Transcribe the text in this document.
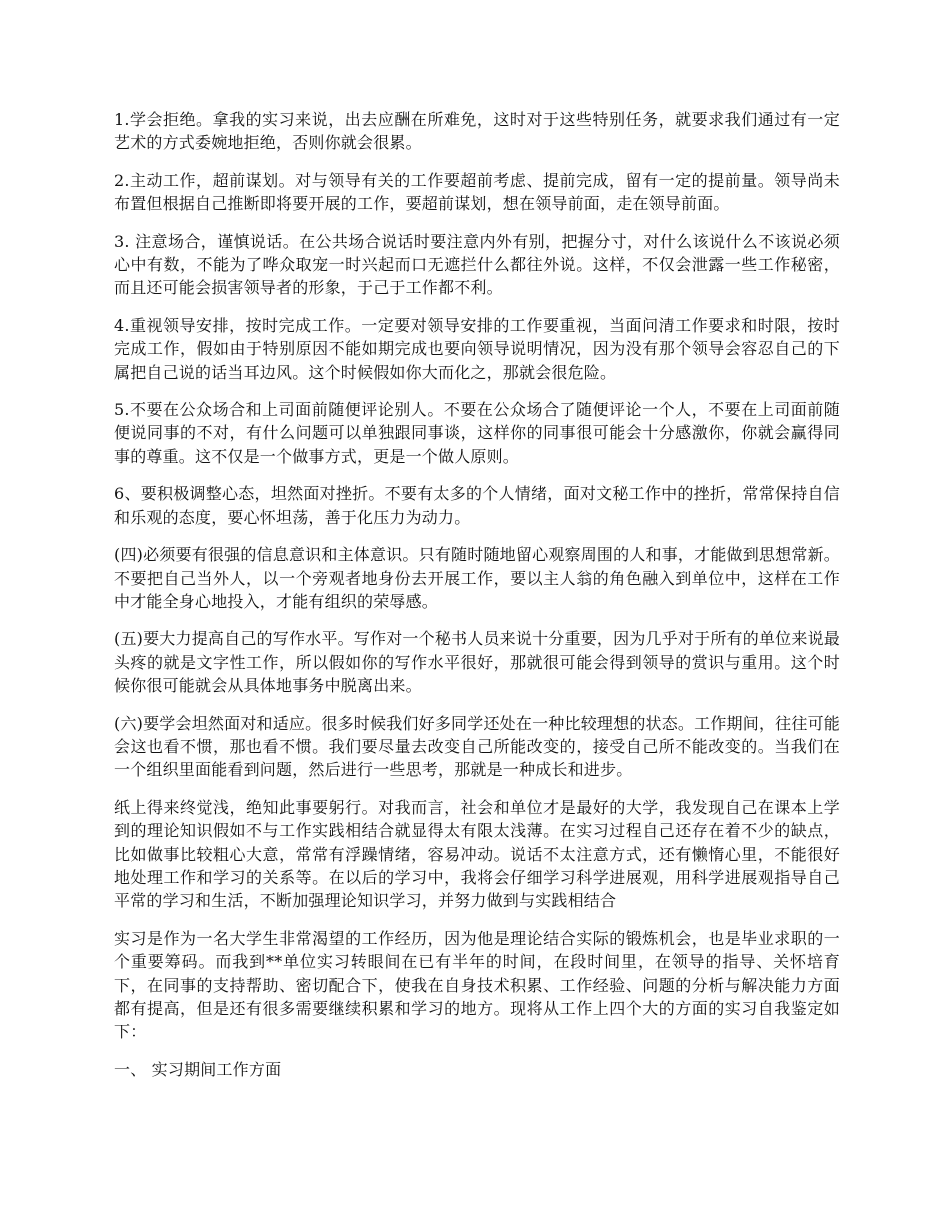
1.学会拒绝。拿我的实习来说，出去应酬在所难免，这时对于这些特别任务，就要求我们通过有一定艺术的方式委婉地拒绝，否则你就会很累。

2.主动工作，超前谋划。对与领导有关的工作要超前考虑、提前完成，留有一定的提前量。领导尚未布置但根据自己推断即将要开展的工作，要超前谋划，想在领导前面，走在领导前面。

3. 注意场合，谨慎说话。在公共场合说话时要注意内外有别，把握分寸，对什么该说什么不该说必须心中有数，不能为了哗众取宠一时兴起而口无遮拦什么都往外说。这样，不仅会泄露一些工作秘密，而且还可能会损害领导者的形象，于己于工作都不利。

4.重视领导安排，按时完成工作。一定要对领导安排的工作要重视，当面问清工作要求和时限，按时完成工作，假如由于特别原因不能如期完成也要向领导说明情况，因为没有那个领导会容忍自己的下属把自己说的话当耳边风。这个时候假如你大而化之，那就会很危险。

5.不要在公众场合和上司面前随便评论别人。不要在公众场合了随便评论一个人，不要在上司面前随便说同事的不对，有什么问题可以单独跟同事谈，这样你的同事很可能会十分感激你，你就会赢得同事的尊重。这不仅是一个做事方式，更是一个做人原则。

6、要积极调整心态，坦然面对挫折。不要有太多的个人情绪，面对文秘工作中的挫折，常常保持自信和乐观的态度，要心怀坦荡，善于化压力为动力。

(四)必须要有很强的信息意识和主体意识。只有随时随地留心观察周围的人和事，才能做到思想常新。不要把自己当外人，以一个旁观者地身份去开展工作，要以主人翁的角色融入到单位中，这样在工作中才能全身心地投入，才能有组织的荣辱感。

(五)要大力提高自己的写作水平。写作对一个秘书人员来说十分重要，因为几乎对于所有的单位来说最头疼的就是文字性工作，所以假如你的写作水平很好，那就很可能会得到领导的赏识与重用。这个时候你很可能就会从具体地事务中脱离出来。

(六)要学会坦然面对和适应。很多时候我们好多同学还处在一种比较理想的状态。工作期间，往往可能会这也看不惯，那也看不惯。我们要尽量去改变自己所能改变的，接受自己所不能改变的。当我们在一个组织里面能看到问题，然后进行一些思考，那就是一种成长和进步。

纸上得来终觉浅，绝知此事要躬行。对我而言，社会和单位才是最好的大学，我发现自己在课本上学到的理论知识假如不与工作实践相结合就显得太有限太浅薄。在实习过程自己还存在着不少的缺点，比如做事比较粗心大意，常常有浮躁情绪，容易冲动。说话不太注意方式，还有懒惰心里，不能很好地处理工作和学习的关系等。在以后的学习中，我将会仔细学习科学进展观，用科学进展观指导自己平常的学习和生活，不断加强理论知识学习，并努力做到与实践相结合

实习是作为一名大学生非常渴望的工作经历，因为他是理论结合实际的锻炼机会，也是毕业求职的一个重要筹码。而我到**单位实习转眼间在已有半年的时间，在段时间里，在领导的指导、关怀培育下，在同事的支持帮助、密切配合下，使我在自身技术积累、工作经验、问题的分析与解决能力方面都有提高，但是还有很多需要继续积累和学习的地方。现将从工作上四个大的方面的实习自我鉴定如下：

一、 实习期间工作方面
